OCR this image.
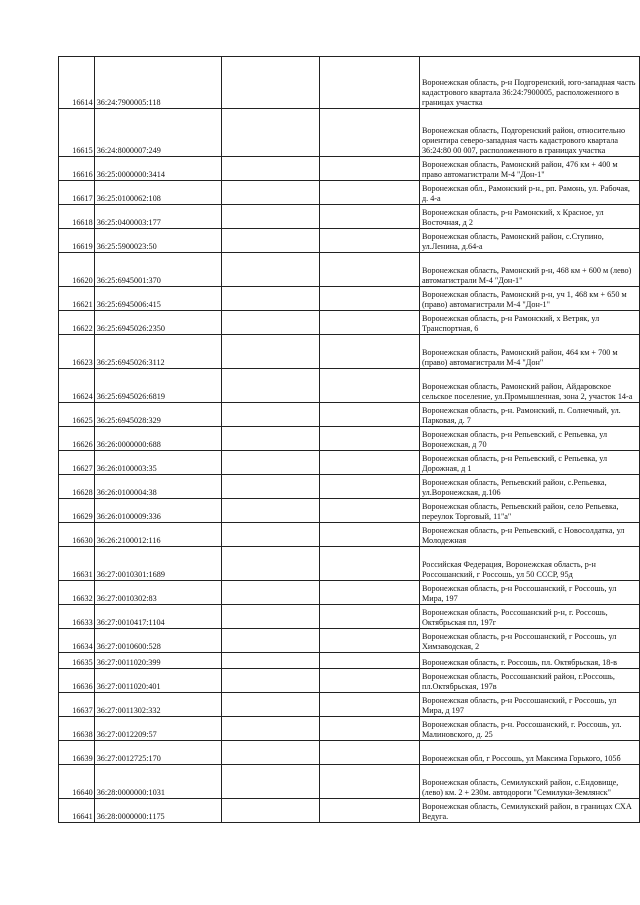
16614	36:24:7900005:118			Воронежская область, р-н Подгоренский, юго-западная часть кадастрового квартала 36:24:7900005, расположенного в границах участка
16615	36:24:8000007:249			Воронежская область, Подгоренский район, относительно ориентира северо-западная часть кадастрового квартала 36:24:80 00 007, расположенного в границах участка
16616	36:25:0000000:3414			Воронежская область, Рамонский район, 476 км + 400 м право автомагистрали М-4 "Дон-1"
16617	36:25:0100062:108			Воронежская обл., Рамонский р-н., рп. Рамонь, ул. Рабочая, д. 4-а
16618	36:25:0400003:177			Воронежская область, р-н Рамонский, х Красное, ул Восточная, д 2
16619	36:25:5900023:50			Воронежская область, Рамонский район, с.Ступино, ул.Ленина, д.64-а
16620	36:25:6945001:370			Воронежская область, Рамонский р-н, 468 км + 600 м (лево) автомагистрали М-4 "Дон-1"
16621	36:25:6945006:415			Воронежская область, Рамонский р-н, уч 1, 468 км + 650 м (право) автомагистрали М-4 "Дон-1"
16622	36:25:6945026:2350			Воронежская область, р-н Рамонский, х Ветряк, ул Транспортная, 6
16623	36:25:6945026:3112			Воронежская область, Рамонский район, 464 км + 700 м (право) автомагистрали М-4 "Дон"
16624	36:25:6945026:6819			Воронежская область, Рамонский район, Айдаровское сельское поселение, ул.Промышленная, зона 2, участок 14-а
16625	36:25:6945028:329			Воронежская область, р-н. Рамонский, п. Солнечный, ул. Парковая, д. 7
16626	36:26:0000000:688			Воронежская область, р-н Репьевский, с Репьевка, ул Воронежская, д 70
16627	36:26:0100003:35			Воронежская область, р-н Репьевский, с Репьевка, ул Дорожная, д 1
16628	36:26:0100004:38			Воронежская область, Репьевский район, с.Репьевка, ул.Воронежская, д.106
16629	36:26:0100009:336			Воронежская область, Репьевский район, село Репьевка, переулок Торговый, 11"а"
16630	36:26:2100012:116			Воронежская область, р-н Репьевский, с Новосолдатка, ул Молодежная
16631	36:27:0010301:1689			Российская Федерация, Воронежская область, р-н Россошанский, г Россошь, ул 50 СССР, 95д
16632	36:27:0010302:83			Воронежская область, р-н Россошанский, г Россошь, ул Мира, 197
16633	36:27:0010417:1104			Воронежская область, Россошанский р-н, г. Россошь, Октябрьская пл, 197г
16634	36:27:0010600:528			Воронежская область, р-н Россошанский, г Россошь, ул Химзаводская, 2
16635	36:27:0011020:399			Воронежская область, г. Россошь, пл. Октябрьская, 18-в
16636	36:27:0011020:401			Воронежская область, Россошанский район, г.Россошь, пл.Октябрьская, 197в
16637	36:27:0011302:332			Воронежская область, р-н Россошанский, г Россошь, ул Мира, д 197
16638	36:27:0012209:57			Воронежская область, р-н. Россошанский, г. Россошь, ул. Малиновского, д. 25
16639	36:27:0012725:170			Воронежская обл, г Россошь, ул Максима Горького, 105б
16640	36:28:0000000:1031			Воронежская область, Семилукский район, с.Ендовище, (лево) км. 2 + 230м. автодороги "Семилуки-Землянск"
16641	36:28:0000000:1175			Воронежская область, Семилукский район, в границах СХА Ведуга.
